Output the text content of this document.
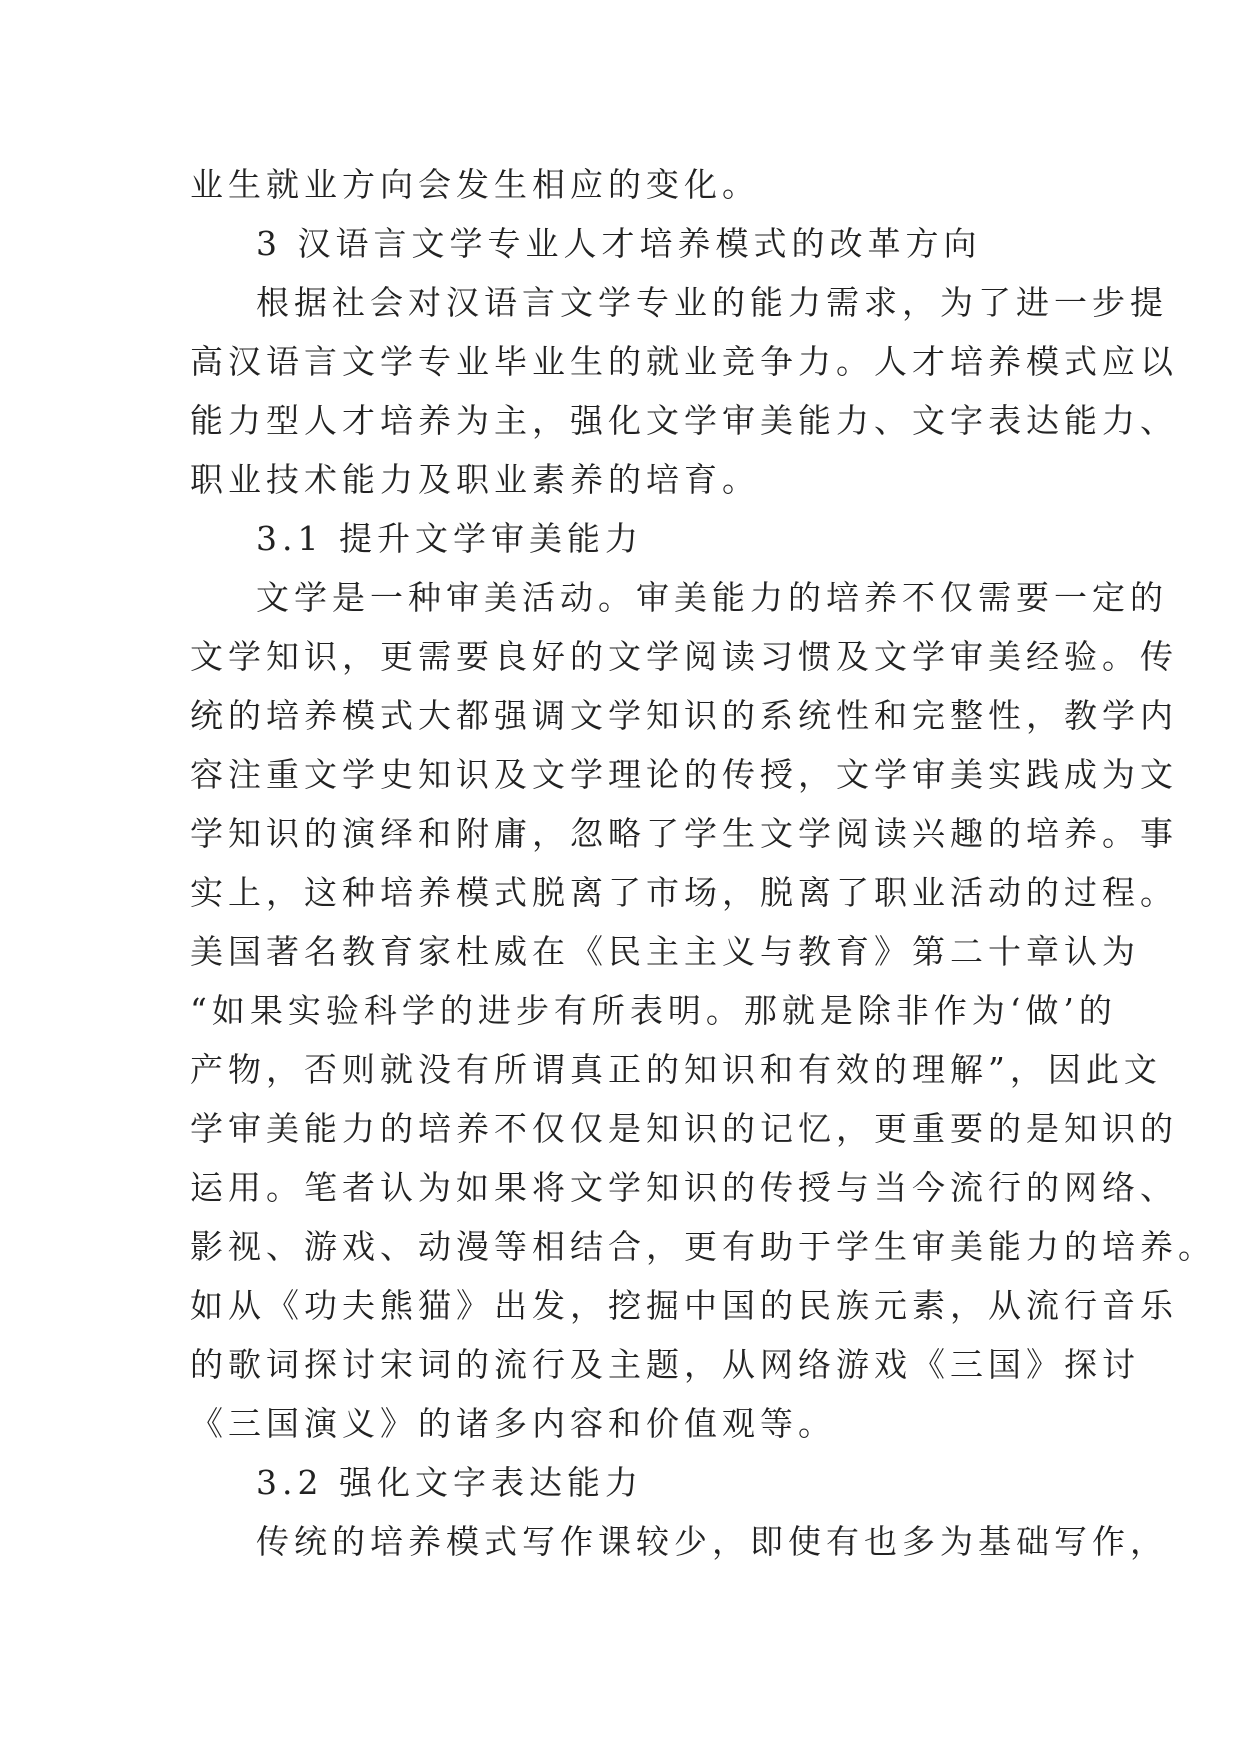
业生就业方向会发生相应的变化。
3 汉语言文学专业人才培养模式的改革方向
根据社会对汉语言文学专业的能力需求，为了进一步提
高汉语言文学专业毕业生的就业竞争力。人才培养模式应以
能力型人才培养为主，强化文学审美能力、文字表达能力、
职业技术能力及职业素养的培育。
3.1 提升文学审美能力
文学是一种审美活动。审美能力的培养不仅需要一定的
文学知识，更需要良好的文学阅读习惯及文学审美经验。传
统的培养模式大都强调文学知识的系统性和完整性，教学内
容注重文学史知识及文学理论的传授，文学审美实践成为文
学知识的演绎和附庸，忽略了学生文学阅读兴趣的培养。事
实上，这种培养模式脱离了市场，脱离了职业活动的过程。
美国著名教育家杜威在《民主主义与教育》第二十章认为
“如果实验科学的进步有所表明。那就是除非作为‘做’的
产物，否则就没有所谓真正的知识和有效的理解”，因此文
学审美能力的培养不仅仅是知识的记忆，更重要的是知识的
运用。笔者认为如果将文学知识的传授与当今流行的网络、
影视、游戏、动漫等相结合，更有助于学生审美能力的培养。
如从《功夫熊猫》出发，挖掘中国的民族元素，从流行音乐
的歌词探讨宋词的流行及主题，从网络游戏《三国》探讨
《三国演义》的诸多内容和价值观等。
3.2 强化文字表达能力
传统的培养模式写作课较少，即使有也多为基础写作，
